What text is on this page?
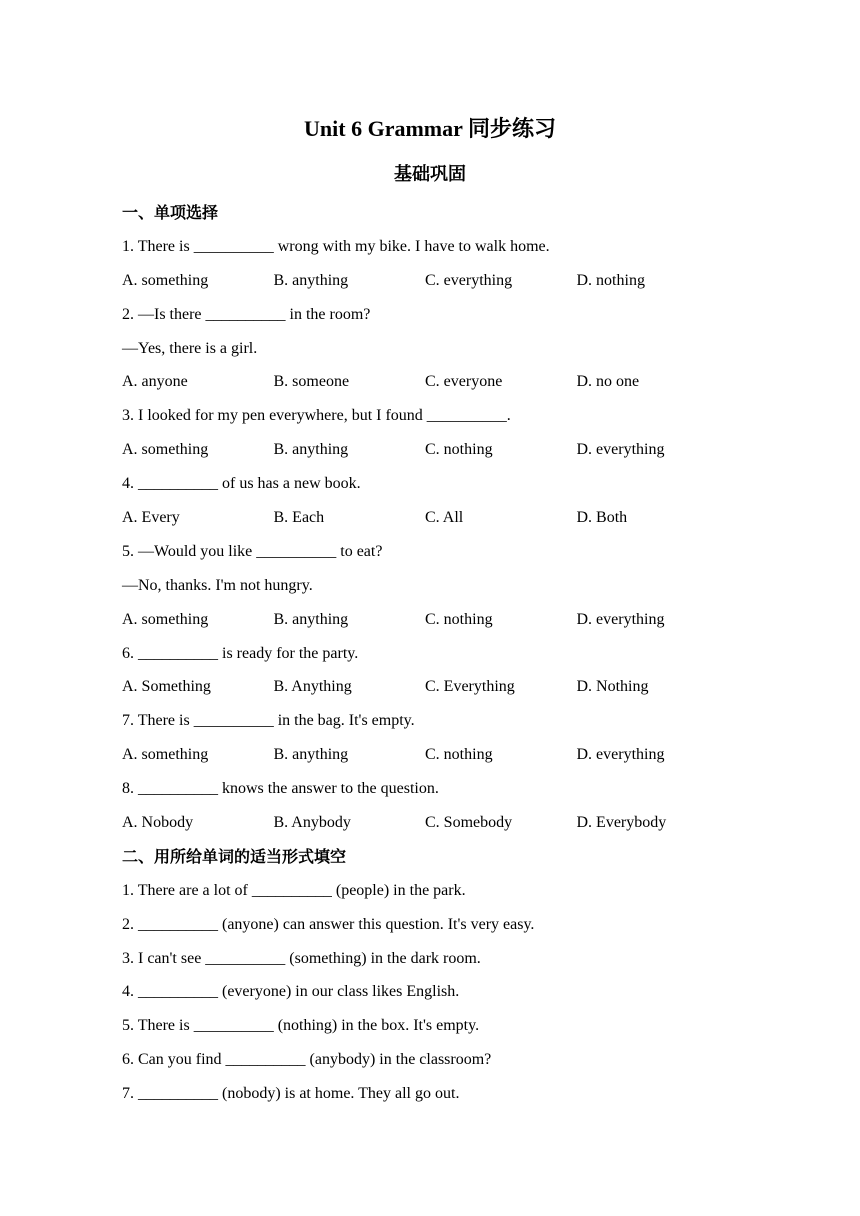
Unit 6 Grammar 同步练习
基础巩固
一、单项选择
1. There is __________ wrong with my bike. I have to walk home.
A. something	B. anything	C. everything	D. nothing
2. —Is there __________ in the room?
—Yes, there is a girl.
A. anyone	B. someone	C. everyone	D. no one
3. I looked for my pen everywhere, but I found __________.
A. something	B. anything	C. nothing	D. everything
4. __________ of us has a new book.
A. Every	B. Each	C. All	D. Both
5. —Would you like __________ to eat?
—No, thanks. I'm not hungry.
A. something	B. anything	C. nothing	D. everything
6. __________ is ready for the party.
A. Something	B. Anything	C. Everything	D. Nothing
7. There is __________ in the bag. It's empty.
A. something	B. anything	C. nothing	D. everything
8. __________ knows the answer to the question.
A. Nobody	B. Anybody	C. Somebody	D. Everybody
二、用所给单词的适当形式填空
1. There are a lot of __________ (people) in the park.
2. __________ (anyone) can answer this question. It's very easy.
3. I can't see __________ (something) in the dark room.
4. __________ (everyone) in our class likes English.
5. There is __________ (nothing) in the box. It's empty.
6. Can you find __________ (anybody) in the classroom?
7. __________ (nobody) is at home. They all go out.
